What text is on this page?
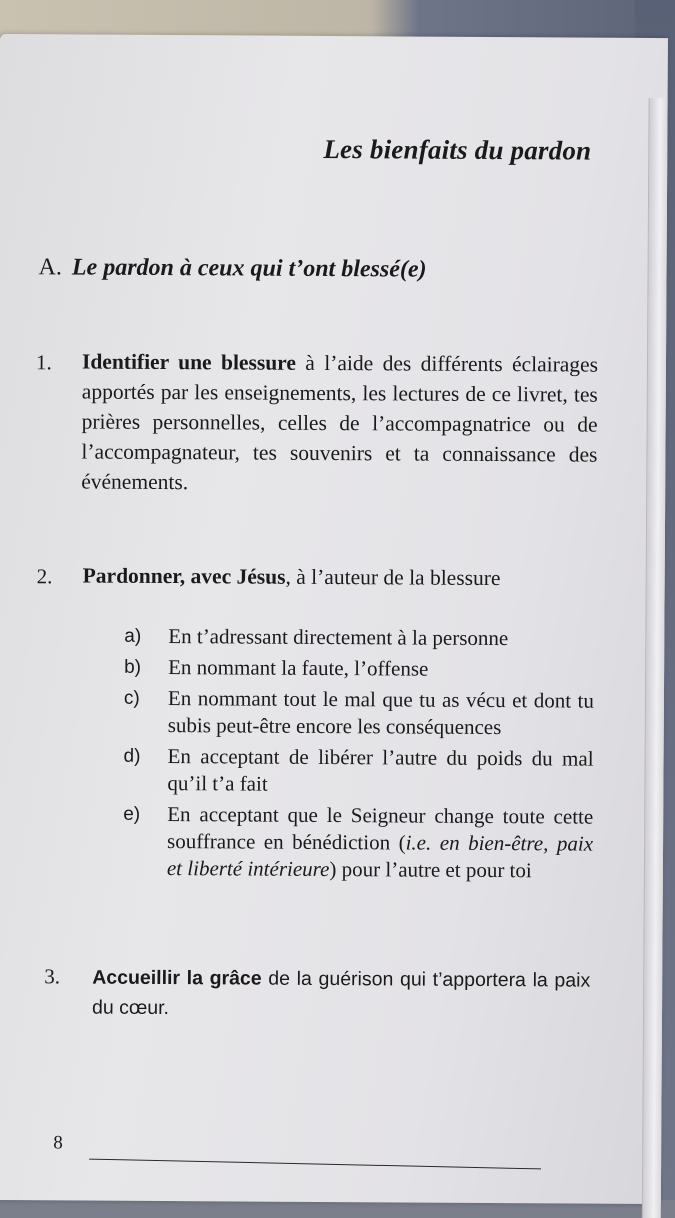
Les bienfaits du pardon
A. Le pardon à ceux qui t’ont blessé(e)
1. Identifier une blessure à l’aide des différents éclairages apportés par les enseignements, les lectures de ce livret, tes prières personnelles, celles de l’accompagnatrice ou de l’accompagnateur, tes souvenirs et ta connaissance des événements.
2. Pardonner, avec Jésus, à l’auteur de la blessure
a) En t’adressant directement à la personne
b) En nommant la faute, l’offense
c) En nommant tout le mal que tu as vécu et dont tu subis peut-être encore les conséquences
d) En acceptant de libérer l’autre du poids du mal qu’il t’a fait
e) En acceptant que le Seigneur change toute cette souffrance en bénédiction (i.e. en bien-être, paix et liberté intérieure) pour l’autre et pour toi
3. Accueillir la grâce de la guérison qui t’apportera la paix du cœur.
8
